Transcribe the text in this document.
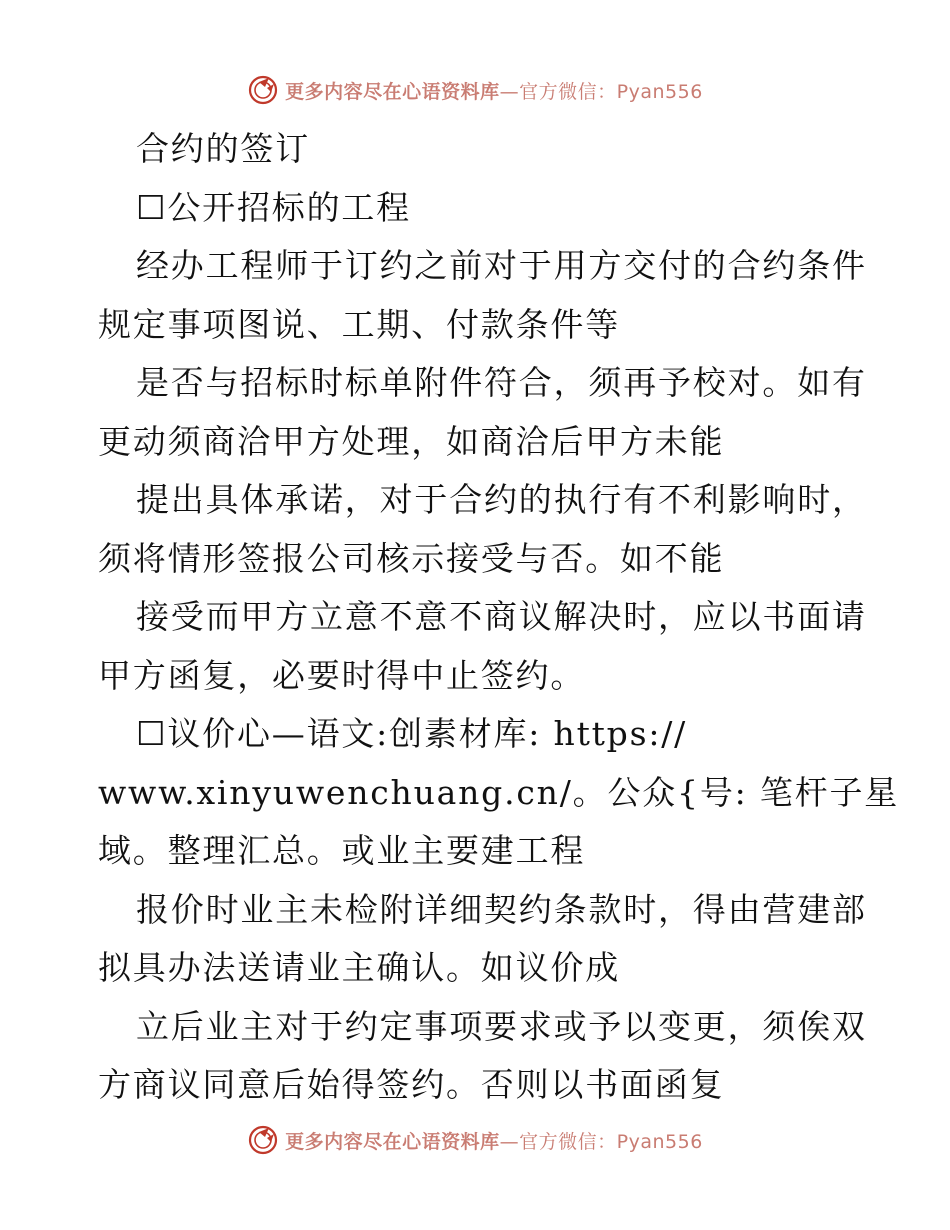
更多内容尽在心语资料库—官方微信：Pyan556
合约的签订
☐公开招标的工程
经办工程师于订约之前对于用方交付的合约条件
规定事项图说、工期、付款条件等
是否与招标时标单附件符合，须再予校对。如有
更动须商洽甲方处理，如商洽后甲方未能
提出具体承诺，对于合约的执行有不利影响时，
须将情形签报公司核示接受与否。如不能
接受而甲方立意不意不商议解决时，应以书面请
甲方函复，必要时得中止签约。
☐议价心—语文:创素材库: https://
www.xinyuwenchuang.cn/。公众{号: 笔杆子星
域。整理汇总。或业主要建工程
报价时业主未检附详细契约条款时，得由营建部
拟具办法送请业主确认。如议价成
立后业主对于约定事项要求或予以变更，须俟双
方商议同意后始得签约。否则以书面函复
更多内容尽在心语资料库—官方微信：Pyan556
